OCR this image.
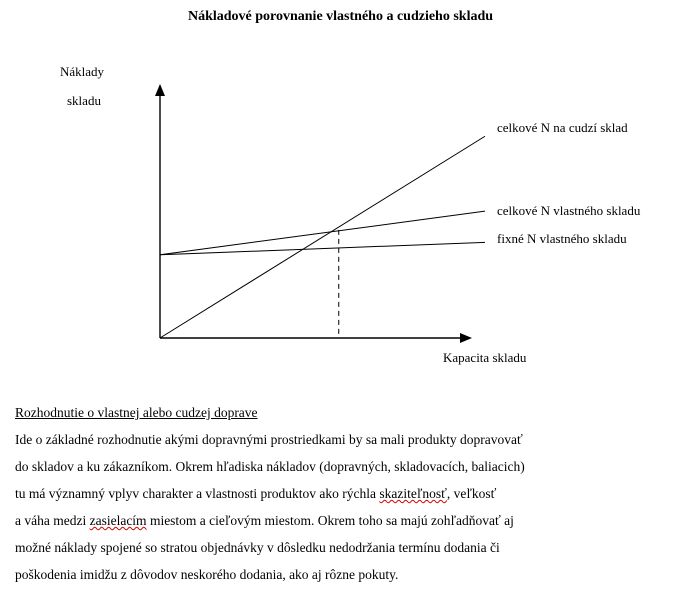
Nákladové porovnanie vlastného a cudzieho skladu
Náklady
skladu
Kapacita skladu
celkové N na cudzí sklad
celkové N vlastného skladu
fixné N vlastného skladu
Rozhodnutie o vlastnej alebo cudzej doprave
Ide o základné rozhodnutie akými dopravnými prostriedkami by sa mali produkty dopravovať
do skladov a ku zákazníkom. Okrem hľadiska nákladov (dopravných, skladovacích, baliacich)
tu má významný vplyv charakter a vlastnosti produktov ako rýchla skaziteľnosť, veľkosť
a váha medzi zasielacím miestom a cieľovým miestom. Okrem toho sa majú zohľadňovať aj
možné náklady spojené so stratou objednávky v dôsledku nedodržania termínu dodania či
poškodenia imidžu z dôvodov neskorého dodania, ako aj rôzne pokuty.
